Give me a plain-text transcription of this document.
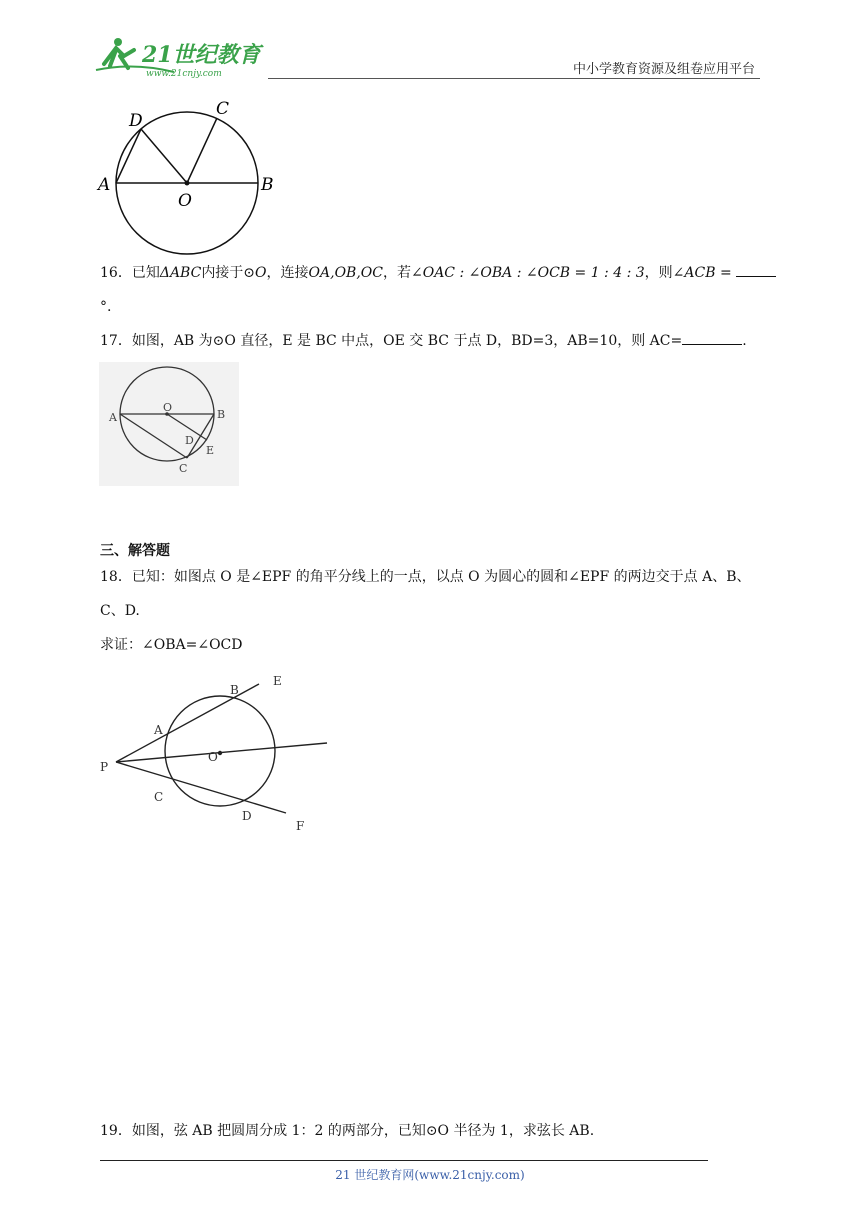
21世纪教育
www.21cnjy.com	中小学教育资源及组卷应用平台
D
C
A
O
B
16．已知ΔABC内接于⊙O，连接OA,OB,OC，若∠OAC : ∠OBA : ∠OCB = 1 : 4 : 3，则∠ACB =
°.
17．如图，AB 为⊙O 直径，E 是 BC 中点，OE 交 BC 于点 D，BD=3，AB=10，则 AC=	.
A
O
B
D
E
C
三、解答题
18．已知：如图点 O 是∠EPF 的角平分线上的一点，以点 O 为圆心的圆和∠EPF 的两边交于点 A、B、
C、D.
求证：∠OBA=∠OCD
B
E
A
O
P
C
D
F
19．如图，弦 AB 把圆周分成 1：2 的两部分，已知⊙O 半径为 1，求弦长 AB.
21 世纪教育网(www.21cnjy.com)
